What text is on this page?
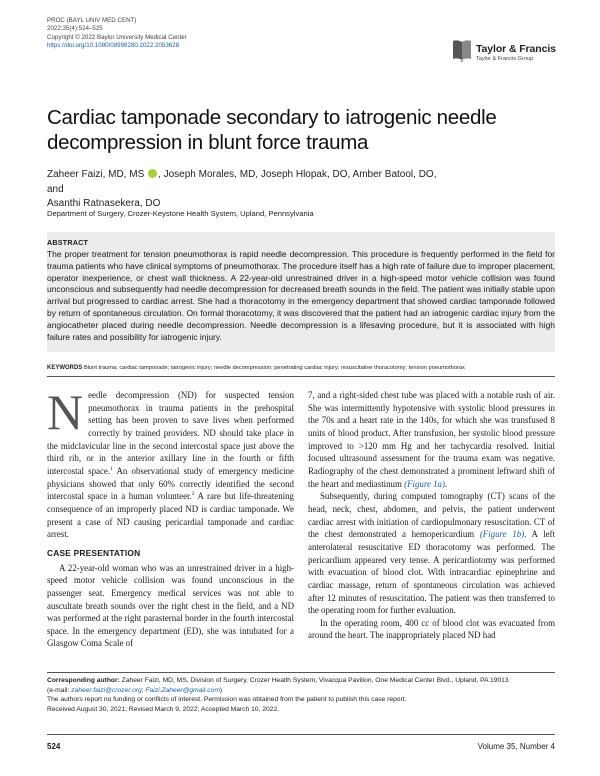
PROC (BAYL UNIV MED CENT)
2022;35(4):524–525
Copyright © 2022 Baylor University Medical Center
https://doi.org/10.1080/08998280.2022.2053628	Taylor & Francis
Taylor & Francis Group
Cardiac tamponade secondary to iatrogenic needle decompression in blunt force trauma
Zaheer Faizi, MD, MS , Joseph Morales, MD, Joseph Hlopak, DO, Amber Batool, DO, and
Asanthi Ratnasekera, DO
Department of Surgery, Crozer-Keystone Health System, Upland, Pennsylvania
ABSTRACT
The proper treatment for tension pneumothorax is rapid needle decompression. This procedure is frequently performed in the field for trauma patients who have clinical symptoms of pneumothorax. The procedure itself has a high rate of failure due to improper placement, operator inexperience, or chest wall thickness. A 22-year-old unrestrained driver in a high-speed motor vehicle collision was found unconscious and subsequently had needle decompression for decreased breath sounds in the field. The patient was initially stable upon arrival but progressed to cardiac arrest. She had a thoracotomy in the emergency department that showed cardiac tamponade followed by return of spontaneous circulation. On formal thoracotomy, it was discovered that the patient had an iatrogenic cardiac injury from the angiocatheter placed during needle decompression. Needle decompression is a lifesaving procedure, but it is associated with high failure rates and possibility for iatrogenic injury.
KEYWORDS Blunt trauma; cardiac tamponade; iatrogenic injury; needle decompression; penetrating cardiac injury; resuscitative thoracotomy; tension pneumothorax

Needle decompression (ND) for suspected tension pneumothorax in trauma patients in the prehospital setting has been proven to save lives when performed correctly by trained providers. ND should take place in the midclavicular line in the second intercostal space just above the third rib, or in the anterior axillary line in the fourth or fifth intercostal space.$^1$ An observational study of emergency medicine physicians showed that only 60% correctly identified the second intercostal space in a human volunteer.$^2$ A rare but life-threatening consequence of an improperly placed ND is cardiac tamponade. We present a case of ND causing pericardial tamponade and cardiac arrest.

CASE PRESENTATION

A 22-year-old woman who was an unrestrained driver in a high-speed motor vehicle collision was found unconscious in the passenger seat. Emergency medical services was not able to auscultate breath sounds over the right chest in the field, and a ND was performed at the right parasternal border in the fourth intercostal space. In the emergency department (ED), she was intubated for a Glasgow Coma Scale of

7, and a right-sided chest tube was placed with a notable rush of air. She was intermittently hypotensive with systolic blood pressures in the 70s and a heart rate in the 140s, for which she was transfused 8 units of blood product. After transfusion, her systolic blood pressure improved to >120 mm Hg and her tachycardia resolved. Initial focused ultrasound assessment for the trauma exam was negative. Radiography of the chest demonstrated a prominent leftward shift of the heart and mediastinum (Figure 1a).

Subsequently, during computed tomography (CT) scans of the head, neck, chest, abdomen, and pelvis, the patient underwent cardiac arrest with initiation of cardiopulmonary resuscitation. CT of the chest demonstrated a hemopericardium (Figure 1b). A left anterolateral resuscitative ED thoracotomy was performed. The pericardium appeared very tense. A pericardiotomy was performed with evacuation of blood clot. With intracardiac epinephrine and cardiac massage, return of spontaneous circulation was achieved after 12 minutes of resuscitation. The patient was then transferred to the operating room for further evaluation.

In the operating room, 400 cc of blood clot was evacuated from around the heart. The inappropriately placed ND had

Corresponding author: Zaheer Faizi, MD, MS, Division of Surgery, Crozer Health System, Vivacqua Pavilion, One Medical Center Blvd., Upland, PA 19013
(e-mail: zaheer.faizi@crozer.org; Faizi.Zaheer@gmail.com)
The authors report no funding or conflicts of interest. Permission was obtained from the patient to publish this case report.
Received August 30, 2021; Revised March 9, 2022; Accepted March 10, 2022.
524	Volume 35, Number 4
